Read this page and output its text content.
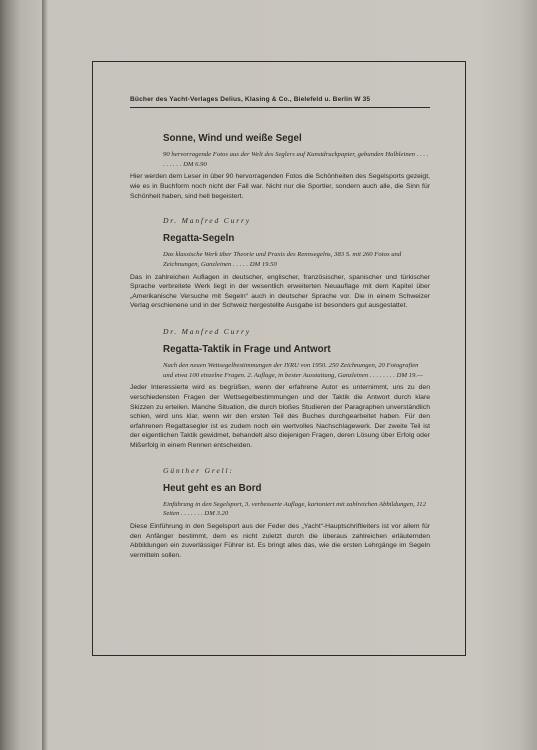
Bücher des Yacht-Verlages Delius, Klasing & Co., Bielefeld u. Berlin W 35
Sonne, Wind und weiße Segel
90 hervorragende Fotos aus der Welt des Seglers auf Kunstdruckpapier, gebunden Halbleinen . . . . . . . . . . DM 6.90
Hier werden dem Leser in über 90 hervorragenden Fotos die Schönheiten des Segelsports gezeigt, wie es in Buchform noch nicht der Fall war. Nicht nur die Sportler, sondern auch alle, die Sinn für Schönheit haben, sind hell begeistert.
Dr. Manfred Curry
Regatta-Segeln
Das klassische Werk über Theorie und Praxis des Rennsegelns, 383 S. mit 260 Fotos und Zeichnungen, Ganzleinen . . . . . DM 19.50
Das in zahlreichen Auflagen in deutscher, englischer, französischer, spanischer und türkischer Sprache verbreitete Werk liegt in der wesentlich erweiterten Neuauflage mit dem Kapitel über „Amerikanische Versuche mit Segeln“ auch in deutscher Sprache vor. Die in einem Schweizer Verlag erschienene und in der Schweiz hergestellte Ausgabe ist besonders gut ausgestattet.
Dr. Manfred Curry
Regatta-Taktik in Frage und Antwort
Nach den neuen Wettsegelbestimmungen der IYRU von 1950. 250 Zeichnungen, 20 Fotografien und etwa 100 einzelne Fragen. 2. Auflage, in bester Ausstattung, Ganzleinen . . . . . . . . DM 19.—
Jeder Interessierte wird es begrüßen, wenn der erfahrene Autor es unternimmt, uns zu den verschiedensten Fragen der Wettsegelbestimmungen und der Taktik die Antwort durch klare Skizzen zu erteilen. Manche Situation, die durch bloßes Studieren der Paragraphen unverständlich schien, wird uns klar, wenn wir den ersten Teil des Buches durchgearbeitet haben. Für den erfahrenen Regattasegler ist es zudem noch ein wertvolles Nachschlagewerk. Der zweite Teil ist der eigentlichen Taktik gewidmet, behandelt also diejenigen Fragen, deren Lösung über Erfolg oder Mißerfolg in einem Rennen entscheiden.
Günther Grell:
Heut geht es an Bord
Einführung in den Segelsport, 3. verbesserte Auflage, kartoniert mit zahlreichen Abbildungen, 112 Seiten . . . . . . . DM 3.20
Diese Einführung in den Segelsport aus der Feder des „Yacht“-Hauptschriftleiters ist vor allem für den Anfänger bestimmt, dem es nicht zuletzt durch die überaus zahlreichen erläuternden Abbildungen ein zuverlässiger Führer ist. Es bringt alles das, wie die ersten Lehrgänge im Segeln vermitteln sollen.
